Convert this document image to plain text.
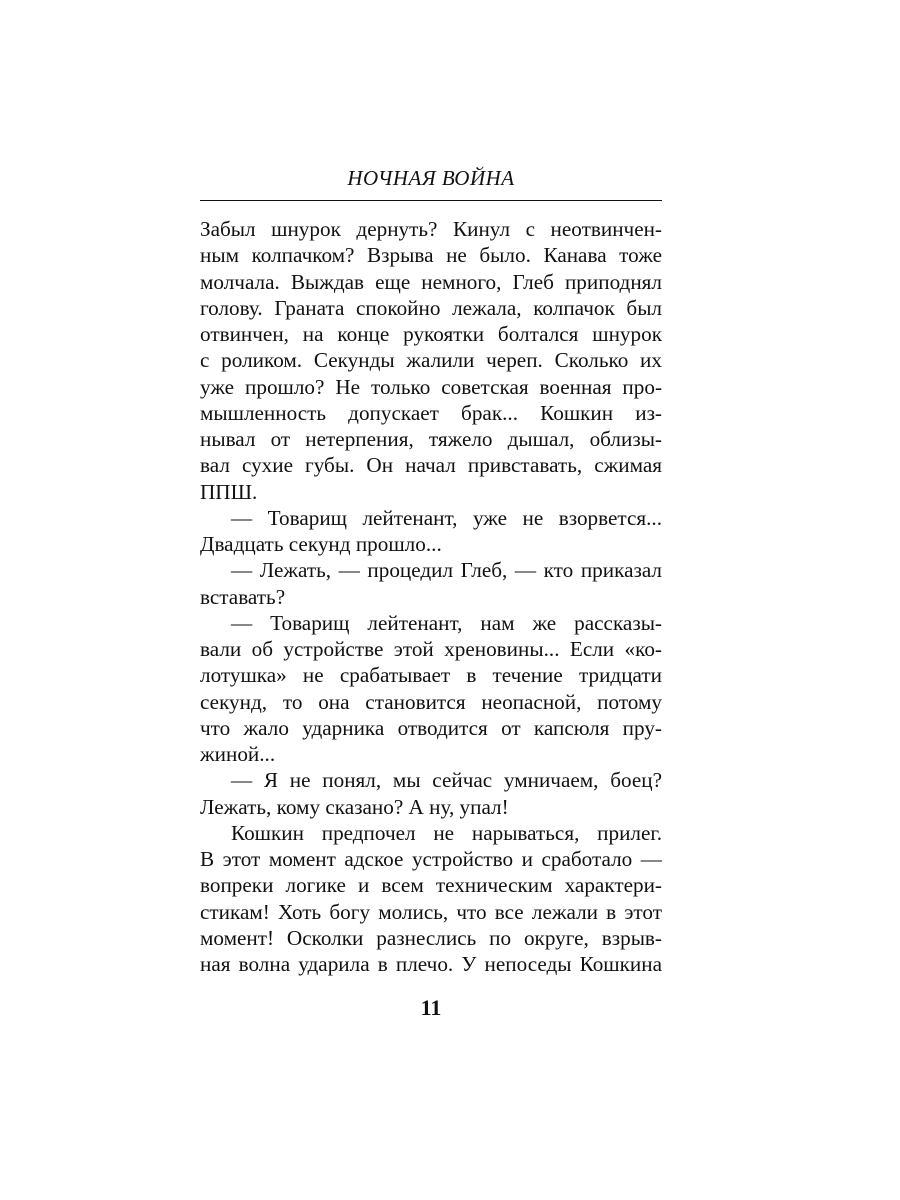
НОЧНАЯ ВОЙНА
Забыл шнурок дернуть? Кинул с неотвинчен-
ным колпачком? Взрыва не было. Канава тоже
молчала. Выждав еще немного, Глеб приподнял
голову. Граната спокойно лежала, колпачок был
отвинчен, на конце рукоятки болтался шнурок
с роликом. Секунды жалили череп. Сколько их
уже прошло? Не только советская военная про-
мышленность допускает брак... Кошкин из-
нывал от нетерпения, тяжело дышал, облизы-
вал сухие губы. Он начал привставать, сжимая
ППШ.
— Товарищ лейтенант, уже не взорвется...
Двадцать секунд прошло...
— Лежать, — процедил Глеб, — кто приказал
вставать?
— Товарищ лейтенант, нам же рассказы-
вали об устройстве этой хреновины... Если «ко-
лотушка» не срабатывает в течение тридцати
секунд, то она становится неопасной, потому
что жало ударника отводится от капсюля пру-
жиной...
— Я не понял, мы сейчас умничаем, боец?
Лежать, кому сказано? А ну, упал!
Кошкин предпочел не нарываться, прилег.
В этот момент адское устройство и сработало —
вопреки логике и всем техническим характери-
стикам! Хоть богу молись, что все лежали в этот
момент! Осколки разнеслись по округе, взрыв-
ная волна ударила в плечо. У непоседы Кошкина
11
